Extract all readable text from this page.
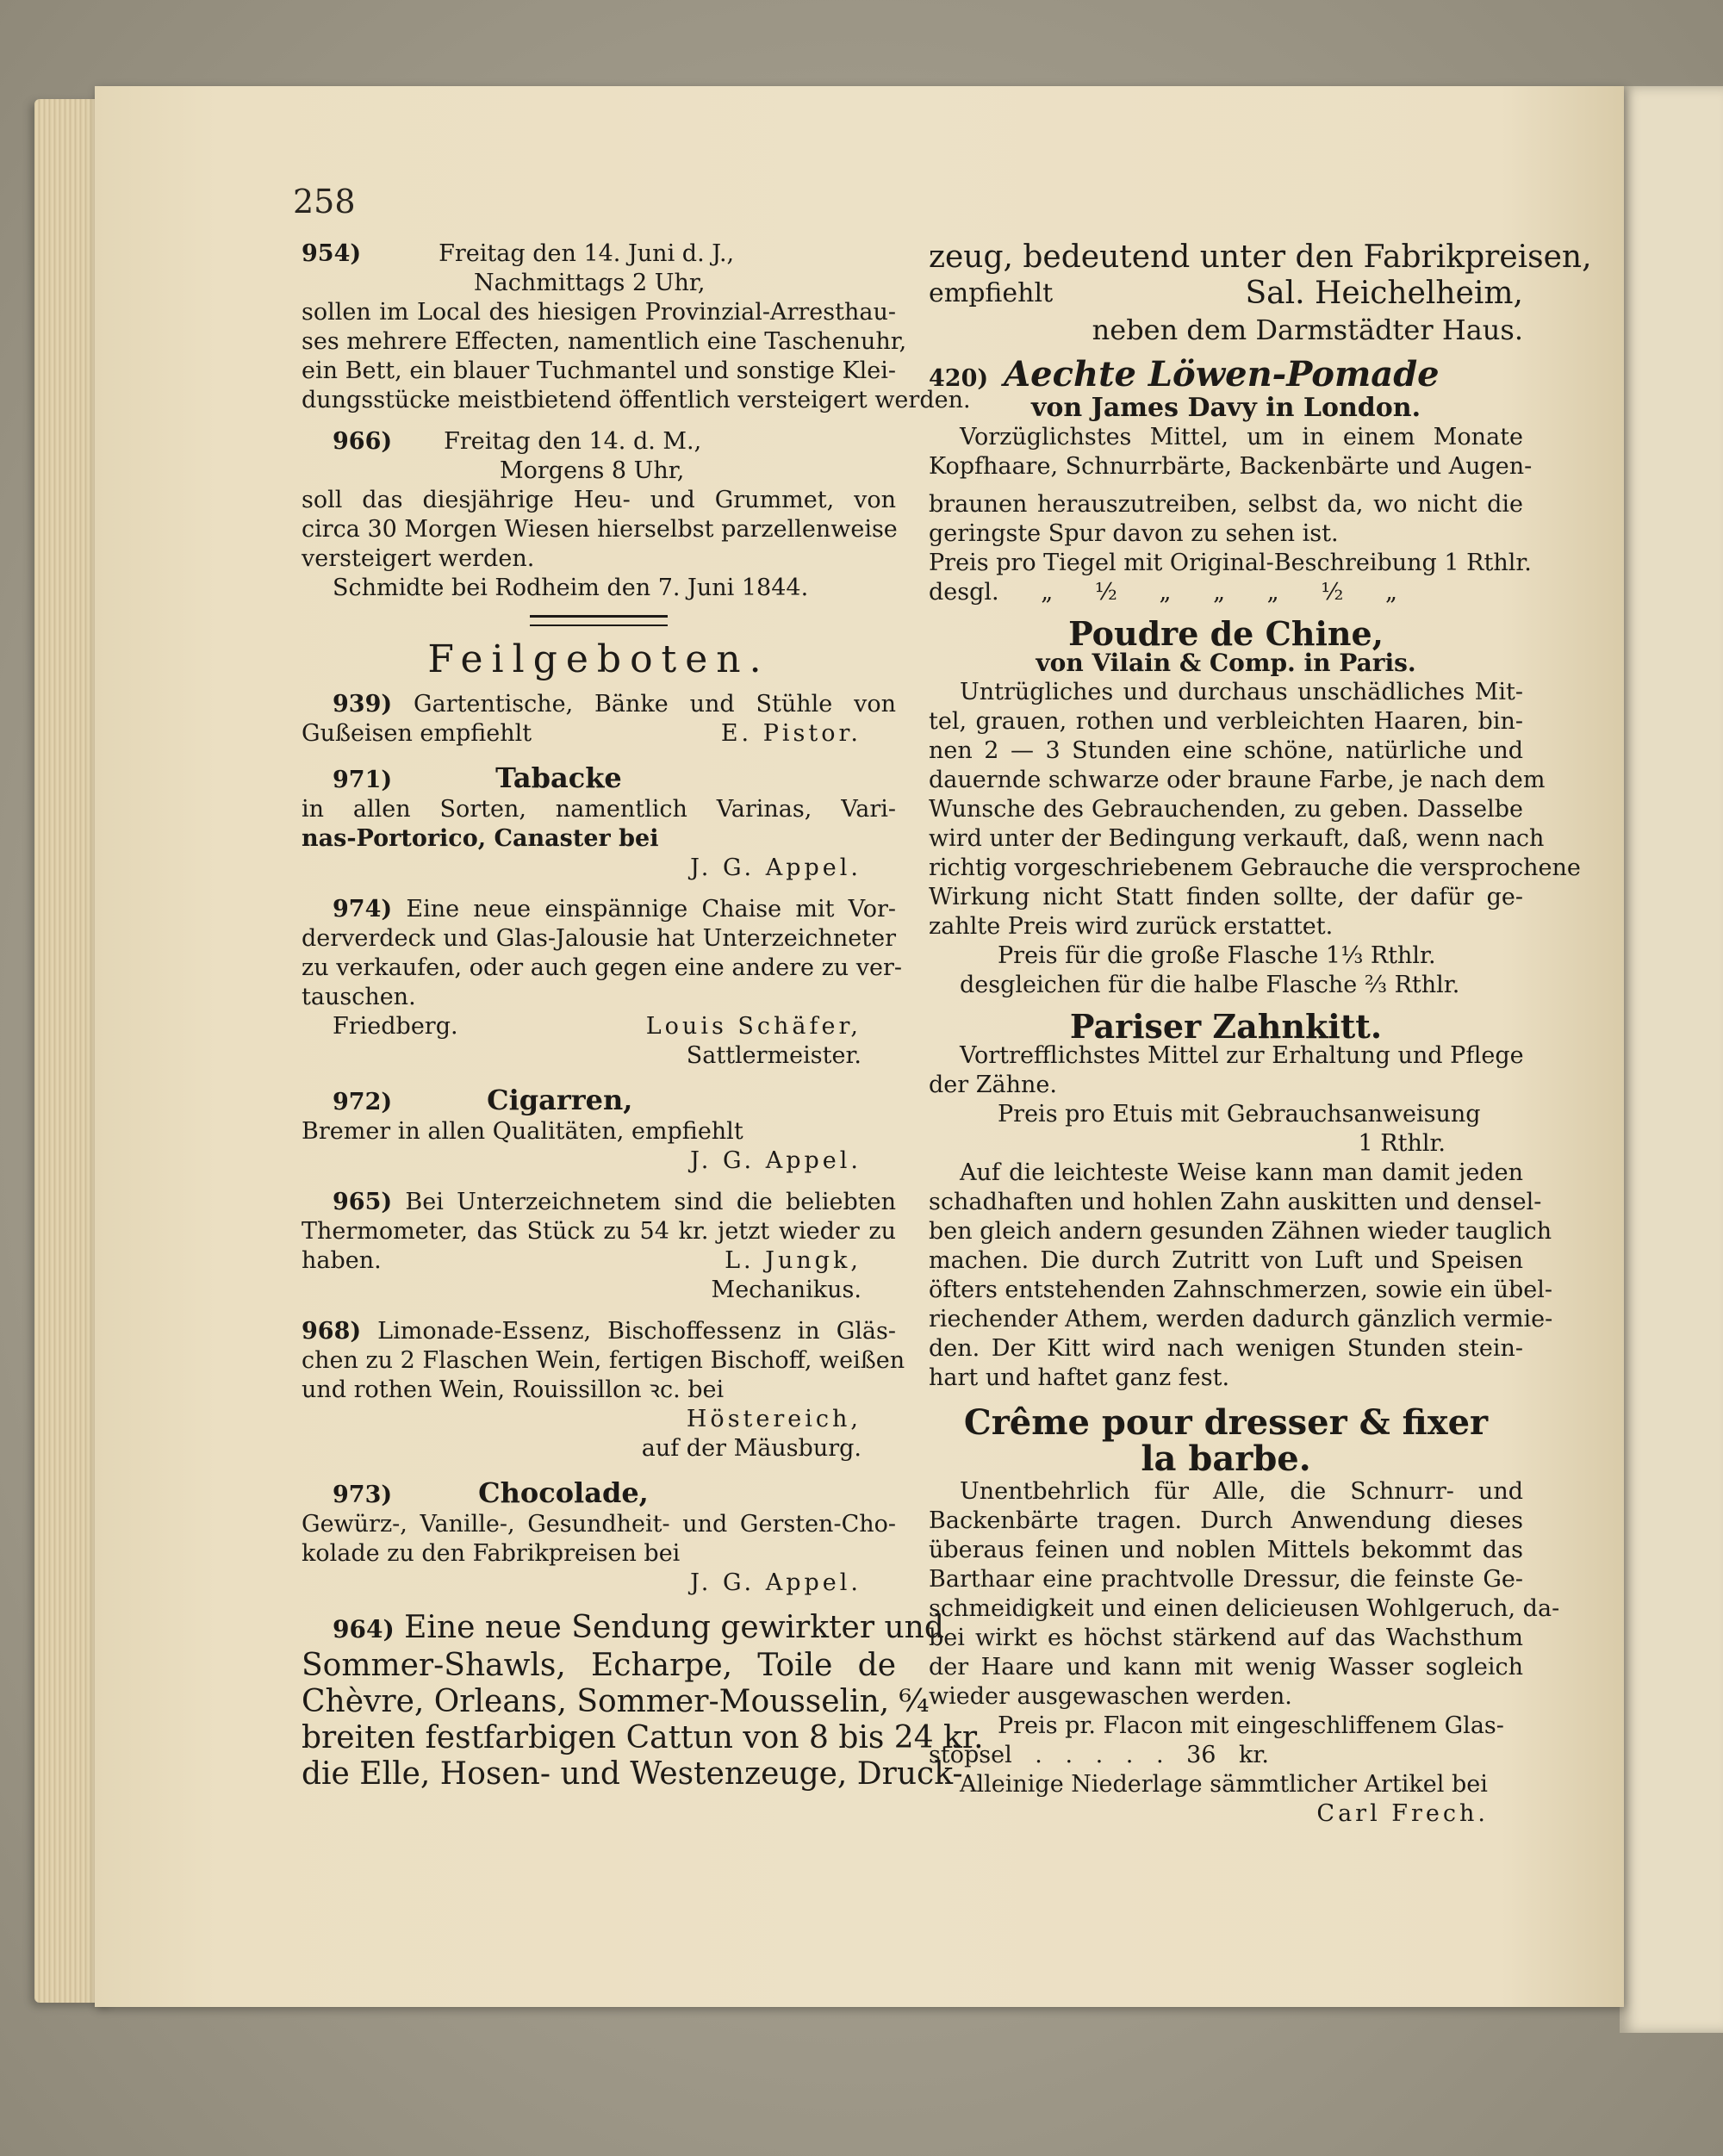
258
954)	Freitag den 14. Juni d. J.,
Nachmittags 2 Uhr,
sollen im Local des hiesigen Provinzial-Arresthau-
ses mehrere Effecten, namentlich eine Taschenuhr,
ein Bett, ein blauer Tuchmantel und sonstige Klei-
dungsstücke meistbietend öffentlich versteigert werden.
966) Freitag den 14. d. M.,
Morgens 8 Uhr,
soll das diesjährige Heu- und Grummet, von
circa 30 Morgen Wiesen hierselbst parzellenweise
versteigert werden.
Schmidte bei Rodheim den 7. Juni 1844.
Feilgeboten.
939) Gartentische, Bänke und Stühle von
Gußeisen empfiehlt	E. Pistor.
971)	Tabacke
in allen Sorten, namentlich Varinas, Vari-
nas-Portorico, Canaster bei
J. G. Appel.
974) Eine neue einspännige Chaise mit Vor-
derverdeck und Glas-Jalousie hat Unterzeichneter
zu verkaufen, oder auch gegen eine andere zu ver-
tauschen.
Friedberg.	Louis Schäfer,
Sattlermeister.
972)	Cigarren,
Bremer in allen Qualitäten, empfiehlt
J. G. Appel.
965) Bei Unterzeichnetem sind die beliebten
Thermometer, das Stück zu 54 kr. jetzt wieder zu
haben.	L. Jungk,
Mechanikus.
968) Limonade-Essenz, Bischoffessenz in Gläs-
chen zu 2 Flaschen Wein, fertigen Bischoff, weißen
und rothen Wein, Rouissillon ꝛc. bei
Höstereich,
auf der Mäusburg.
973)	Chocolade,
Gewürz-, Vanille-, Gesundheit- und Gersten-Cho-
kolade zu den Fabrikpreisen bei
J. G. Appel.
964) Eine neue Sendung gewirkter und
Sommer-Shawls, Echarpe, Toile de
Chèvre, Orleans, Sommer-Mousselin, ⁶⁄₄
breiten festfarbigen Cattun von 8 bis 24 kr.
die Elle, Hosen- und Westenzeuge, Druck-
zeug, bedeutend unter den Fabrikpreisen,
empfiehlt	Sal. Heichelheim,
neben dem Darmstädter Haus.
420) Aechte Löwen-Pomade
von James Davy in London.
Vorzüglichstes Mittel, um in einem Monate
Kopfhaare, Schnurrbärte, Backenbärte und Augen-
braunen herauszutreiben, selbst da, wo nicht die
geringste Spur davon zu sehen ist.
Preis pro Tiegel mit Original-Beschreibung 1 Rthlr.
desgl. „ ½ „ „ „ ½ „
Poudre de Chine,
von Vilain & Comp. in Paris.
Untrügliches und durchaus unschädliches Mit-
tel, grauen, rothen und verbleichten Haaren, bin-
nen 2 — 3 Stunden eine schöne, natürliche und
dauernde schwarze oder braune Farbe, je nach dem
Wunsche des Gebrauchenden, zu geben. Dasselbe
wird unter der Bedingung verkauft, daß, wenn nach
richtig vorgeschriebenem Gebrauche die versprochene
Wirkung nicht Statt finden sollte, der dafür ge-
zahlte Preis wird zurück erstattet.
Preis für die große Flasche 1⅓ Rthlr.
desgleichen für die halbe Flasche ⅔ Rthlr.
Pariser Zahnkitt.
Vortrefflichstes Mittel zur Erhaltung und Pflege
der Zähne.
Preis pro Etuis mit Gebrauchsanweisung
1 Rthlr.
Auf die leichteste Weise kann man damit jeden
schadhaften und hohlen Zahn auskitten und densel-
ben gleich andern gesunden Zähnen wieder tauglich
machen. Die durch Zutritt von Luft und Speisen
öfters entstehenden Zahnschmerzen, sowie ein übel-
riechender Athem, werden dadurch gänzlich vermie-
den. Der Kitt wird nach wenigen Stunden stein-
hart und haftet ganz fest.
Crême pour dresser & fixer
la barbe.
Unentbehrlich für Alle, die Schnurr- und
Backenbärte tragen. Durch Anwendung dieses
überaus feinen und noblen Mittels bekommt das
Barthaar eine prachtvolle Dressur, die feinste Ge-
schmeidigkeit und einen delicieusen Wohlgeruch, da-
bei wirkt es höchst stärkend auf das Wachsthum
der Haare und kann mit wenig Wasser sogleich
wieder ausgewaschen werden.
Preis pr. Flacon mit eingeschliffenem Glas-
stöpsel . . . . . 36 kr.
Alleinige Niederlage sämmtlicher Artikel bei
Carl Frech.
